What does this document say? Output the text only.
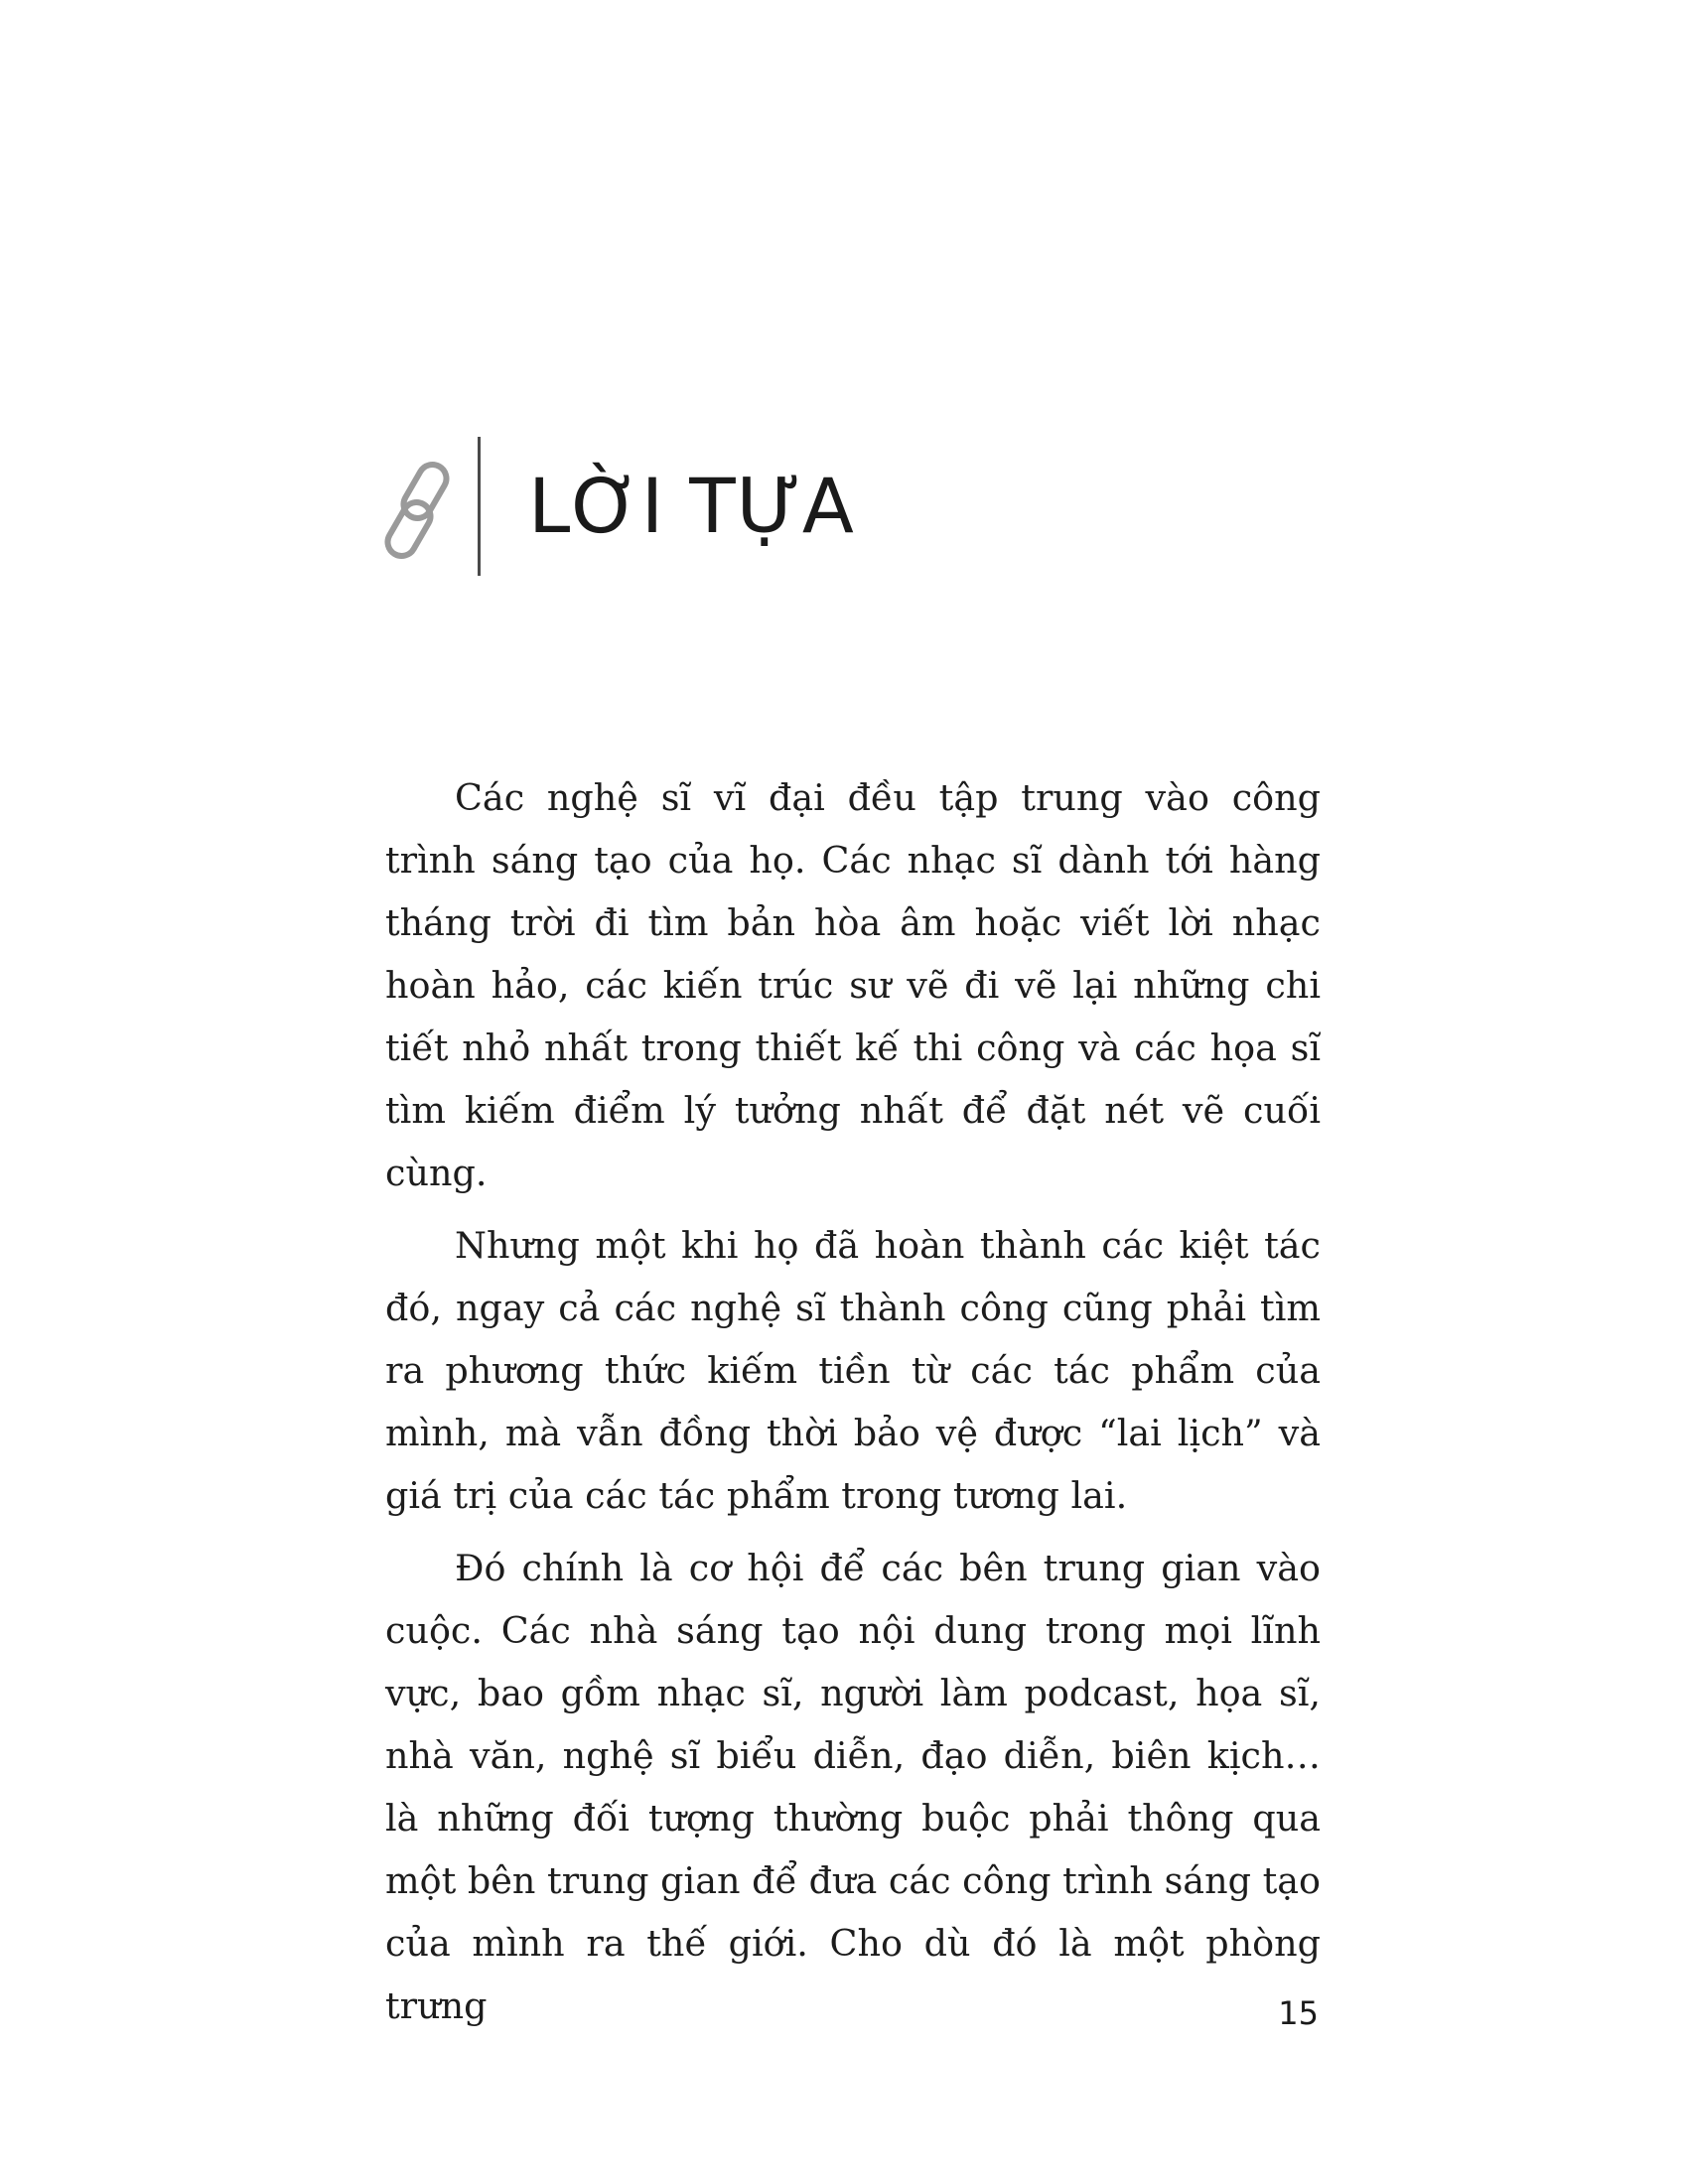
LỜI TỰA

Các nghệ sĩ vĩ đại đều tập trung vào công trình sáng tạo của họ. Các nhạc sĩ dành tới hàng tháng trời đi tìm bản hòa âm hoặc viết lời nhạc hoàn hảo, các kiến trúc sư vẽ đi vẽ lại những chi tiết nhỏ nhất trong thiết kế thi công và các họa sĩ tìm kiếm điểm lý tưởng nhất để đặt nét vẽ cuối cùng.

Nhưng một khi họ đã hoàn thành các kiệt tác đó, ngay cả các nghệ sĩ thành công cũng phải tìm ra phương thức kiếm tiền từ các tác phẩm của mình, mà vẫn đồng thời bảo vệ được “lai lịch” và giá trị của các tác phẩm trong tương lai.

Đó chính là cơ hội để các bên trung gian vào cuộc. Các nhà sáng tạo nội dung trong mọi lĩnh vực, bao gồm nhạc sĩ, người làm podcast, họa sĩ, nhà văn, nghệ sĩ biểu diễn, đạo diễn, biên kịch… là những đối tượng thường buộc phải thông qua một bên trung gian để đưa các công trình sáng tạo của mình ra thế giới. Cho dù đó là một phòng trưng	15
